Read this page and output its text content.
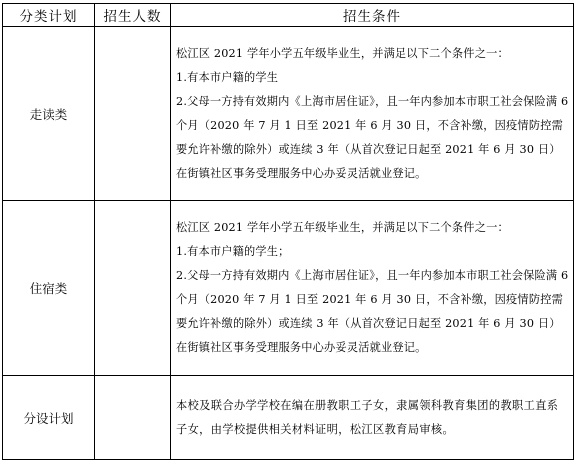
分类计划	招生人数	招生条件
走读类		松江区 2021 学年小学五年级毕业生，并满足以下二个条件之一：
1.有本市户籍的学生
2.父母一方持有效期内《上海市居住证》，且一年内参加本市职工社会保险满 6 个月（2020 年 7 月 1 日至 2021 年 6 月 30 日，不含补缴，因疫情防控需要允许补缴的除外）或连续 3 年（从首次登记日起至 2021 年 6 月 30 日）在街镇社区事务受理服务中心办妥灵活就业登记。

住宿类		松江区 2021 学年小学五年级毕业生，并满足以下二个条件之一：
1.有本市户籍的学生；
2.父母一方持有效期内《上海市居住证》，且一年内参加本市职工社会保险满 6 个月（2020 年 7 月 1 日至 2021 年 6 月 30 日，不含补缴，因疫情防控需要允许补缴的除外）或连续 3 年（从首次登记日起至 2021 年 6 月 30 日）在街镇社区事务受理服务中心办妥灵活就业登记。

分设计划		本校及联合办学学校在编在册教职工子女，隶属领科教育集团的教职工直系子女，由学校提供相关材料证明，松江区教育局审核。
